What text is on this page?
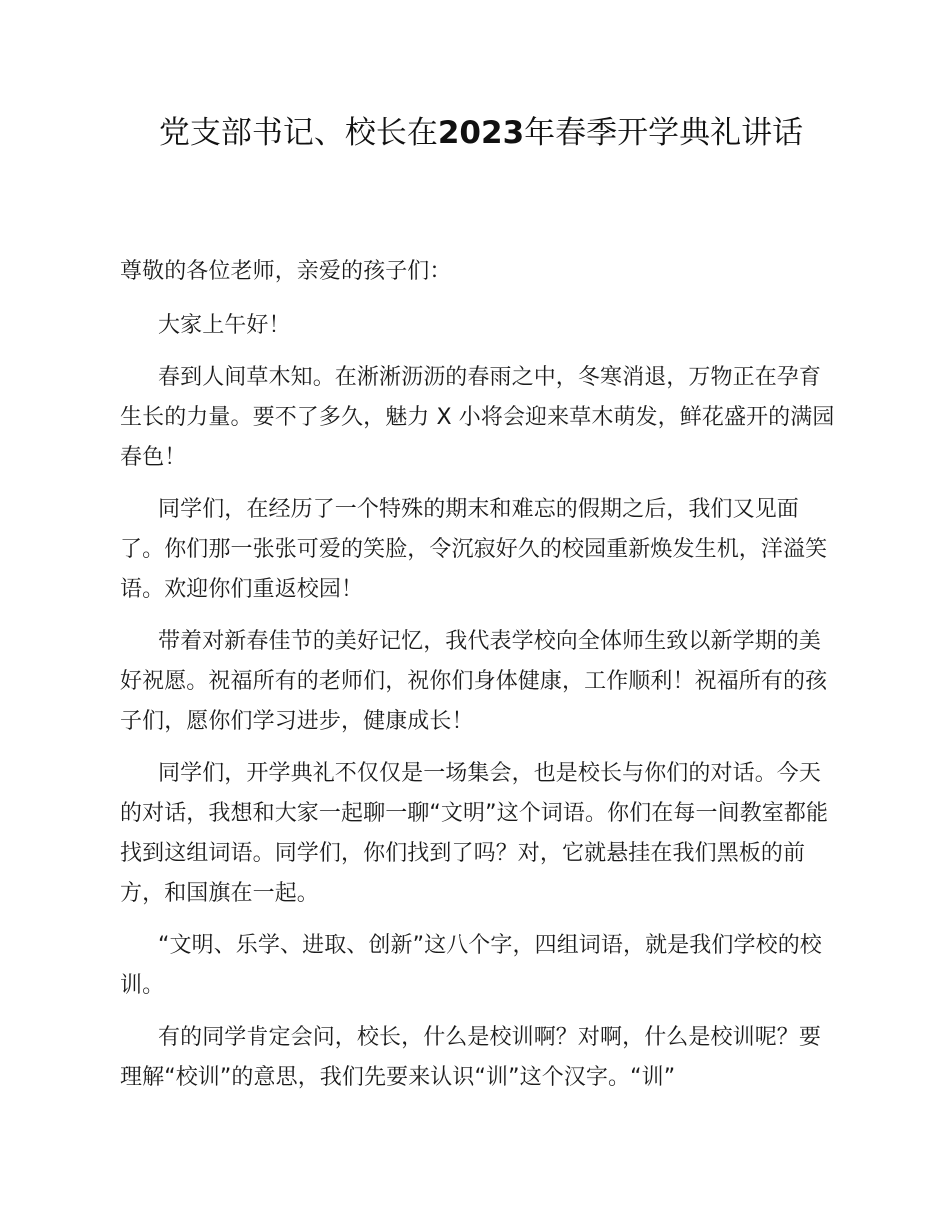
党支部书记、校长在2023年春季开学典礼讲话

尊敬的各位老师，亲爱的孩子们：

大家上午好！

春到人间草木知。在淅淅沥沥的春雨之中，冬寒消退，万物正在孕育生长的力量。要不了多久，魅力 X 小将会迎来草木萌发，鲜花盛开的满园春色！

同学们，在经历了一个特殊的期末和难忘的假期之后，我们又见面了。你们那一张张可爱的笑脸，令沉寂好久的校园重新焕发生机，洋溢笑语。欢迎你们重返校园！

带着对新春佳节的美好记忆，我代表学校向全体师生致以新学期的美好祝愿。祝福所有的老师们，祝你们身体健康，工作顺利！祝福所有的孩子们，愿你们学习进步，健康成长！

同学们，开学典礼不仅仅是一场集会，也是校长与你们的对话。今天的对话，我想和大家一起聊一聊“文明”这个词语。你们在每一间教室都能找到这组词语。同学们，你们找到了吗？对，它就悬挂在我们黑板的前方，和国旗在一起。

“文明、乐学、进取、创新”这八个字，四组词语，就是我们学校的校训。

有的同学肯定会问，校长，什么是校训啊？对啊，什么是校训呢？要理解“校训”的意思，我们先要来认识“训”这个汉字。“训”
